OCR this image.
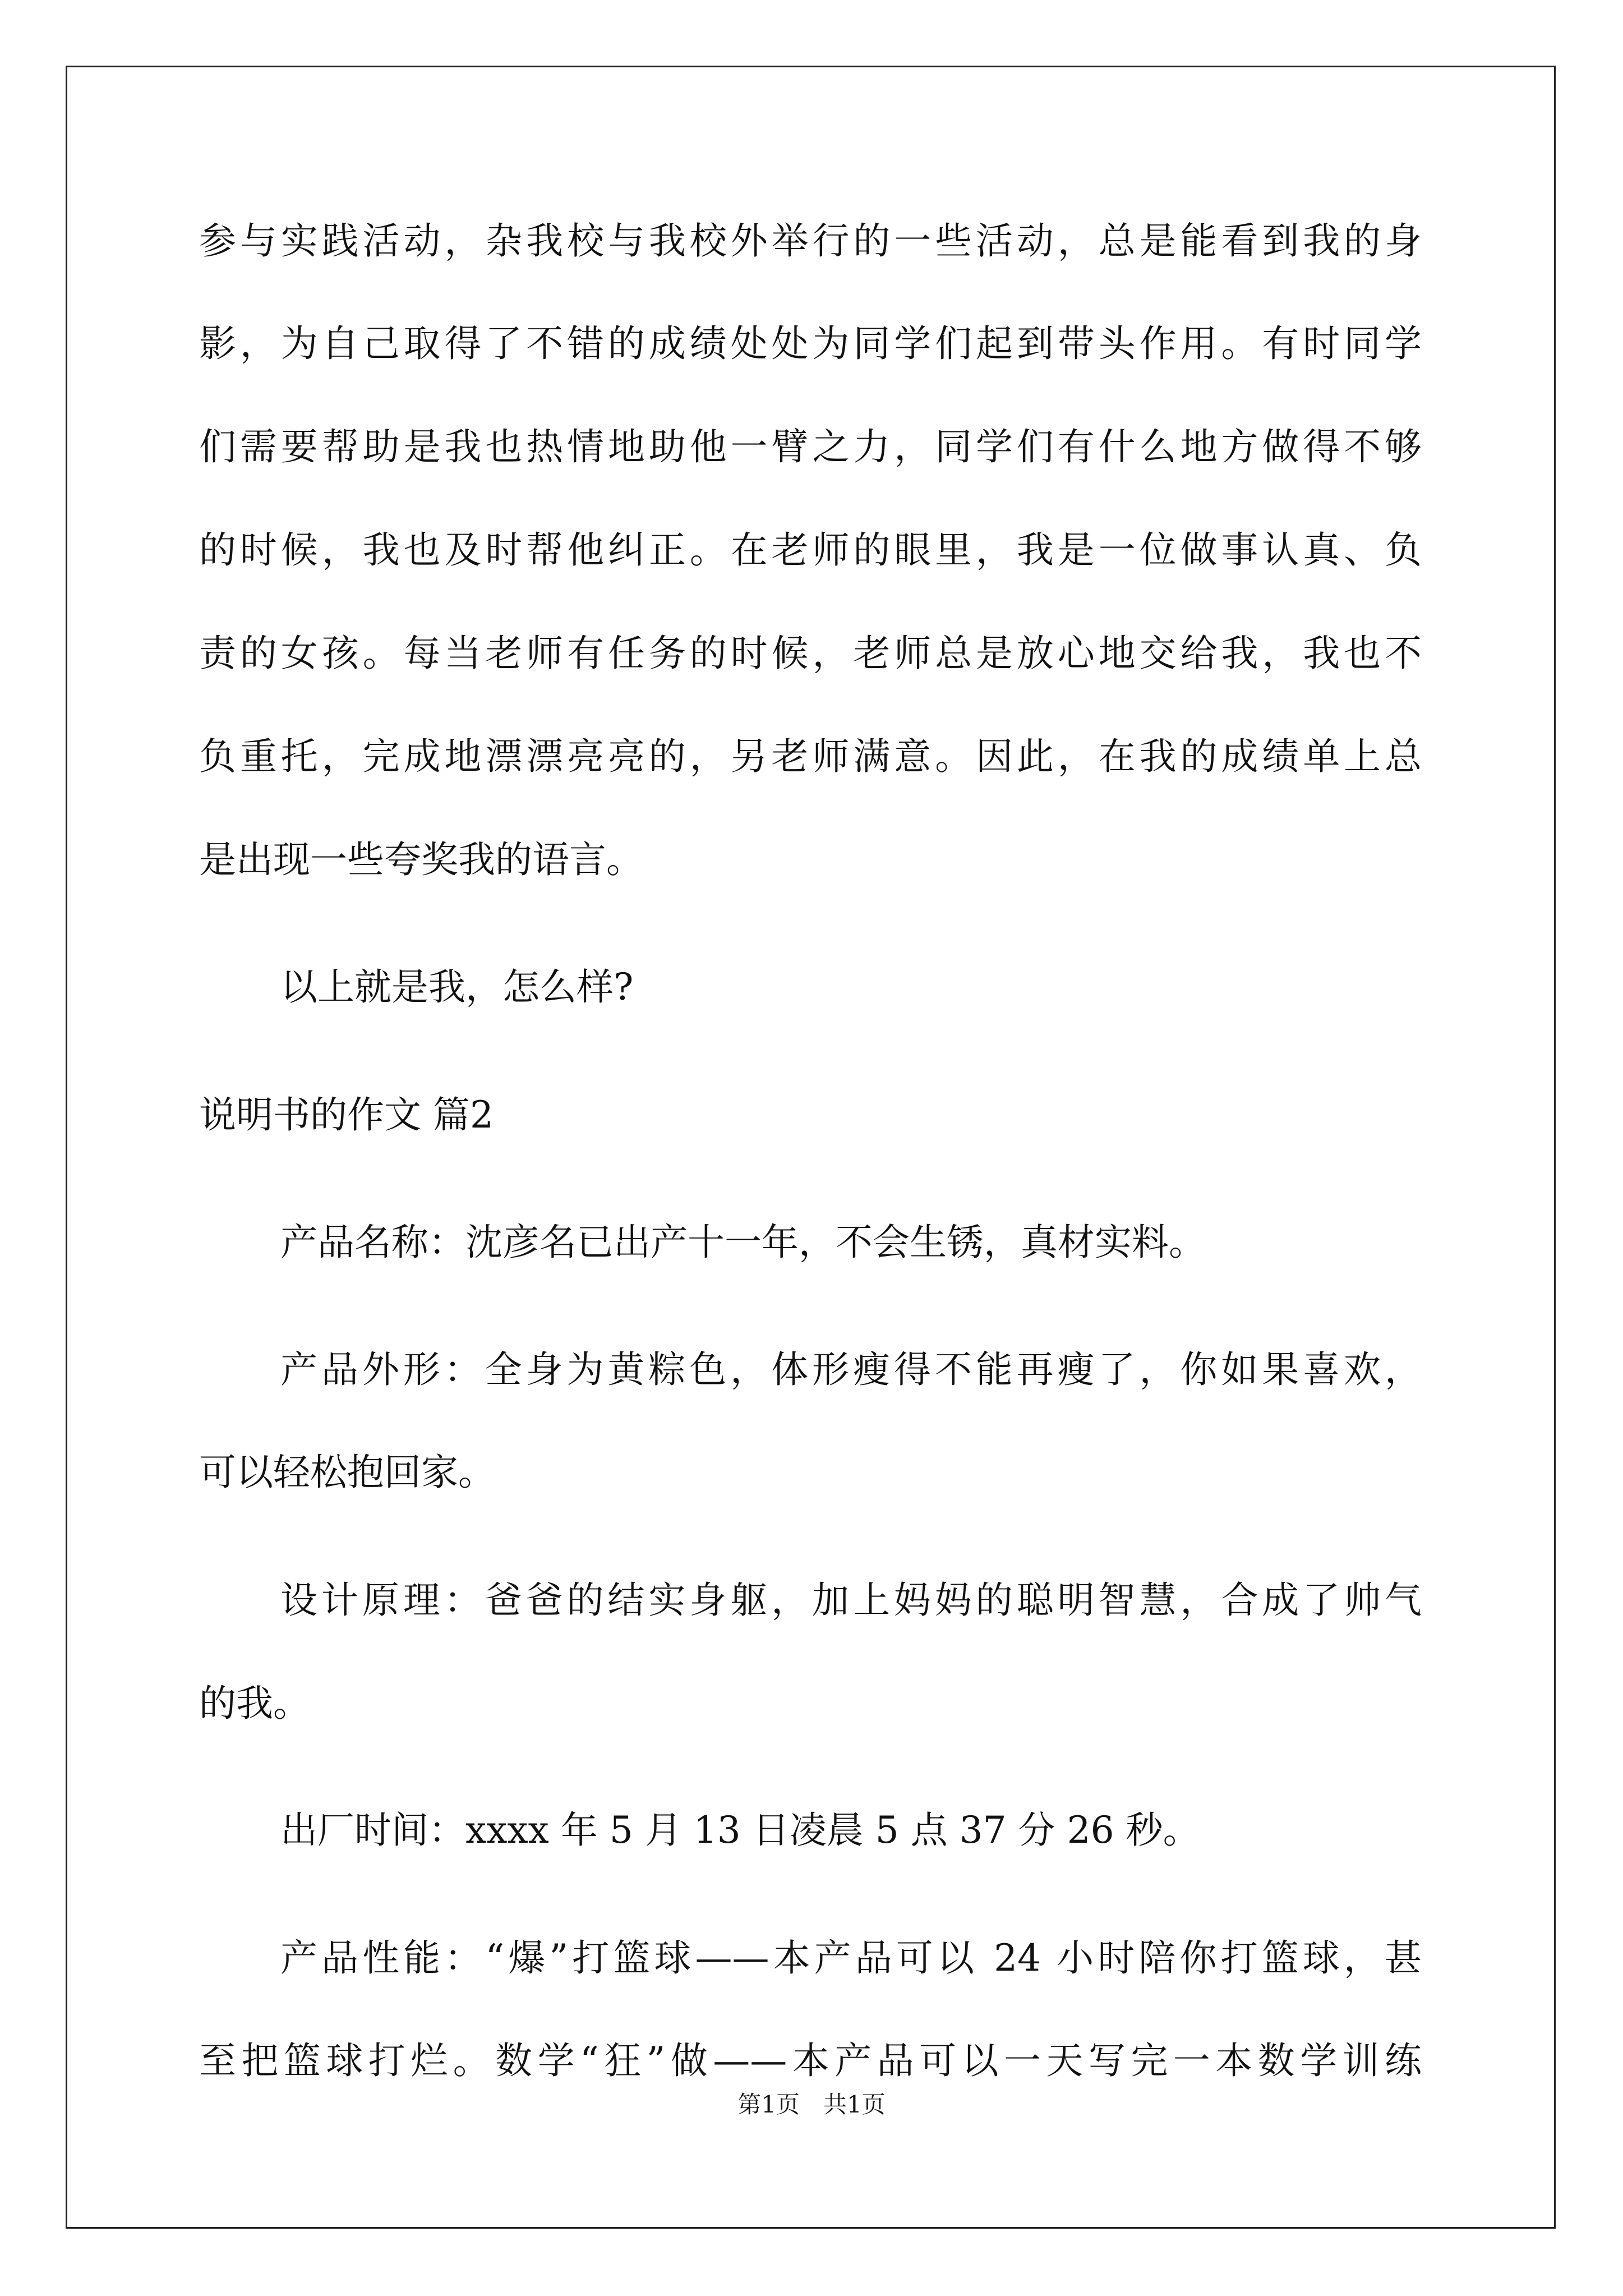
参与实践活动，杂我校与我校外举行的一些活动，总是能看到我的身
影，为自己取得了不错的成绩处处为同学们起到带头作用。有时同学
们需要帮助是我也热情地助他一臂之力，同学们有什么地方做得不够
的时候，我也及时帮他纠正。在老师的眼里，我是一位做事认真、负
责的女孩。每当老师有任务的时候，老师总是放心地交给我，我也不
负重托，完成地漂漂亮亮的，另老师满意。因此，在我的成绩单上总
是出现一些夸奖我的语言。
以上就是我，怎么样?
说明书的作文 篇2
产品名称：沈彦名已出产十一年，不会生锈，真材实料。
产品外形：全身为黄粽色，体形瘦得不能再瘦了，你如果喜欢，
可以轻松抱回家。
设计原理：爸爸的结实身躯，加上妈妈的聪明智慧，合成了帅气
的我。
出厂时间：xxxx 年 5 月 13 日凌晨 5 点 37 分 26 秒。
产品性能：“爆”打篮球——本产品可以 24 小时陪你打篮球，甚
至把篮球打烂。数学“狂”做——本产品可以一天写完一本数学训练
第1页　共1页
